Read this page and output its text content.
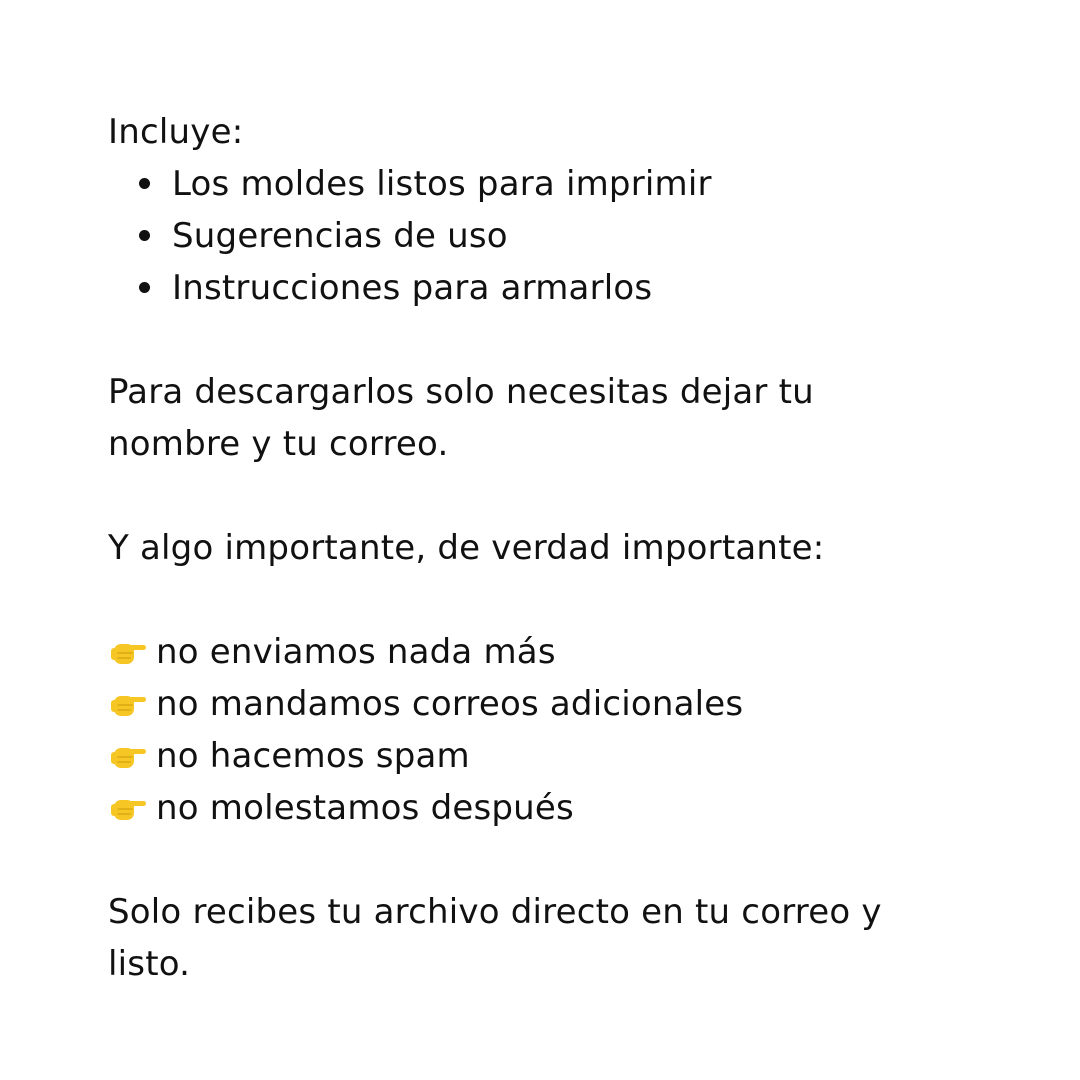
Incluye:

Los moldes listos para imprimir
Sugerencias de uso
Instrucciones para armarlos

Para descargarlos solo necesitas dejar tu

nombre y tu correo.

Y algo importante, de verdad importante:

no enviamos nada más
no mandamos correos adicionales
no hacemos spam
no molestamos después

Solo recibes tu archivo directo en tu correo y

listo.
